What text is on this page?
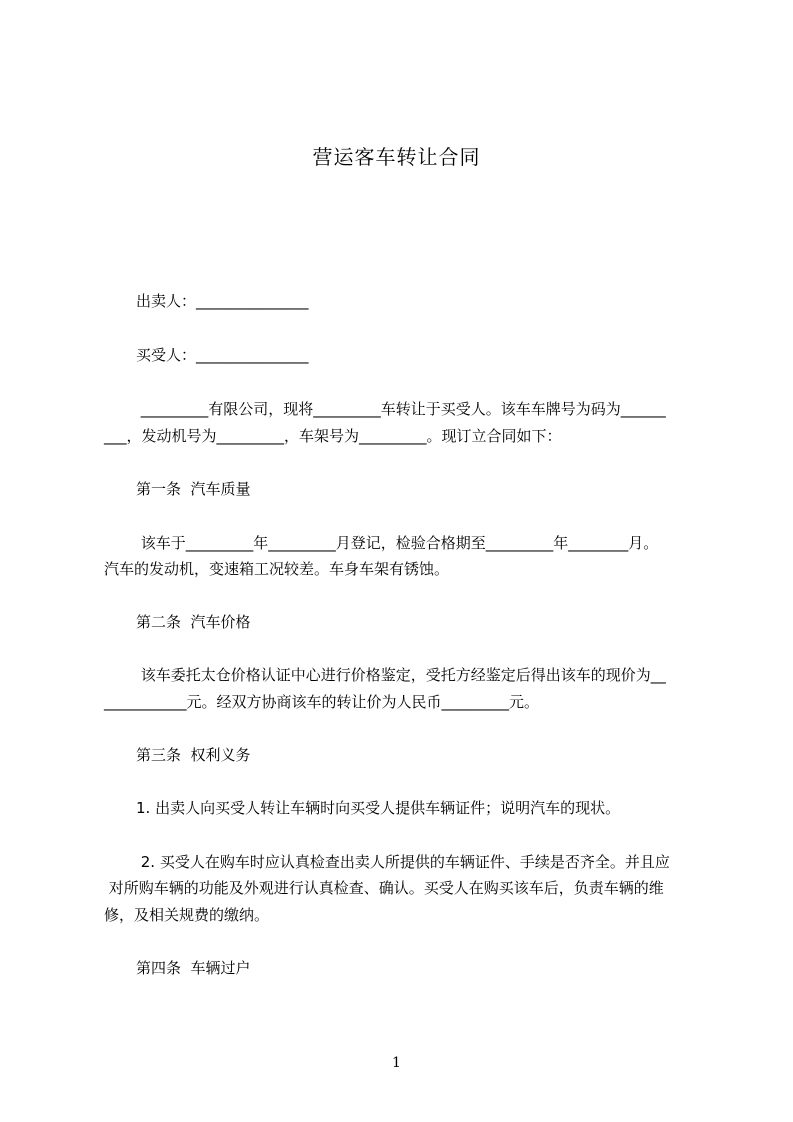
营运客车转让合同
出卖人：_______________
买受人：_______________
_________有限公司，现将_________车转让于买受人。该车车牌号为码为______
___，发动机号为_________，车架号为_________。现订立合同如下：
第一条  汽车质量
该车于_________年_________月登记，检验合格期至_________年________月。
汽车的发动机，变速箱工况较差。车身车架有锈蚀。
第二条  汽车价格
该车委托太仓价格认证中心进行价格鉴定，受托方经鉴定后得出该车的现价为__
___________元。经双方协商该车的转让价为人民币_________元。
第三条  权利义务
1. 出卖人向买受人转让车辆时向买受人提供车辆证件；说明汽车的现状。
2. 买受人在购车时应认真检查出卖人所提供的车辆证件、手续是否齐全。并且应
对所购车辆的功能及外观进行认真检查、确认。买受人在购买该车后，负责车辆的维
修，及相关规费的缴纳。
第四条  车辆过户
1
